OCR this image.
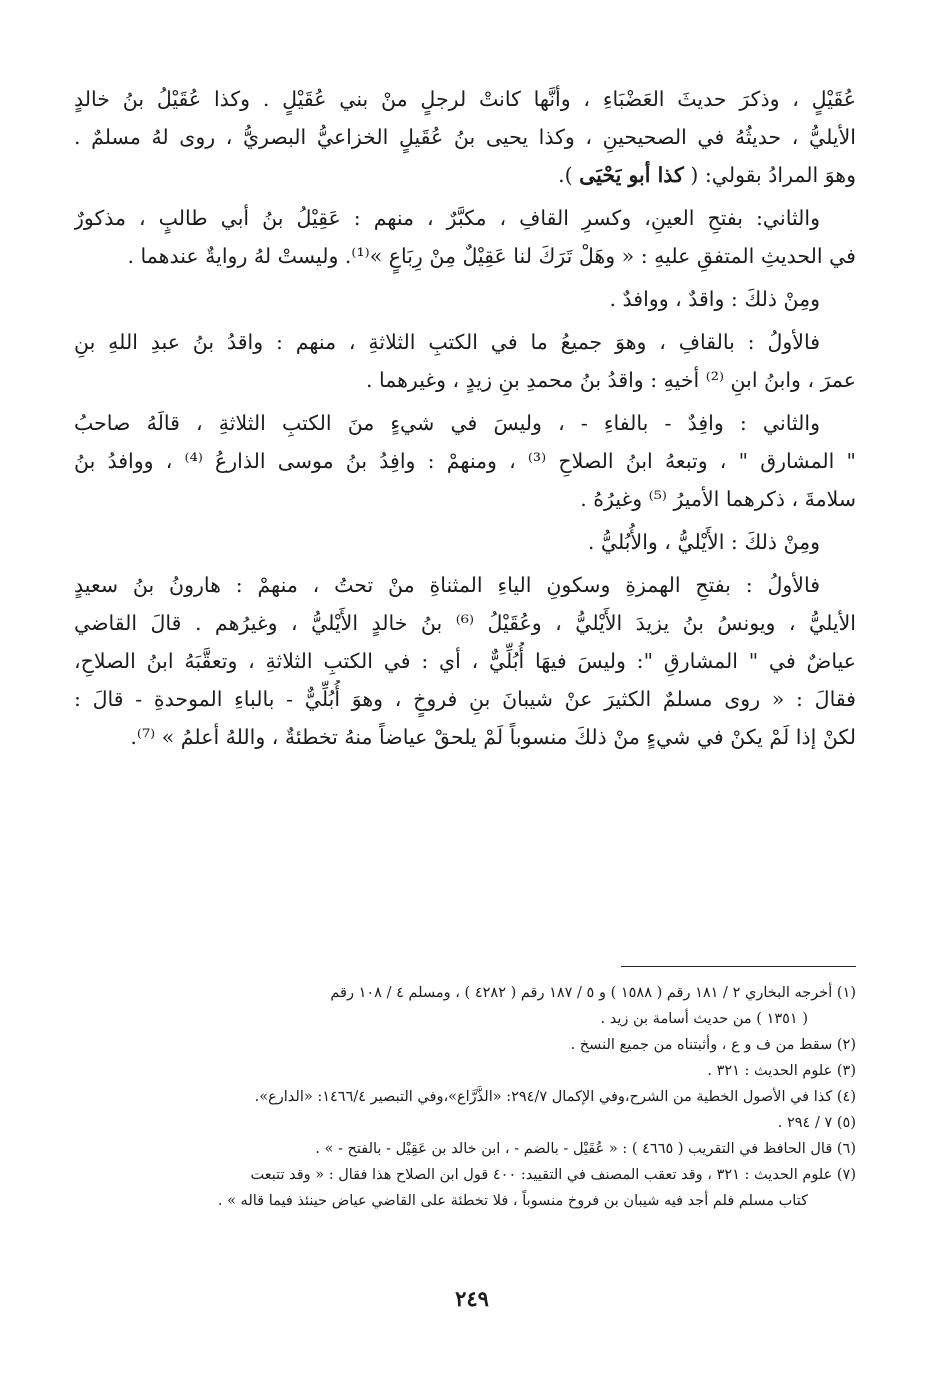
عُقَيْلٍ ، وذكرَ حديثَ العَضْبَاءِ ، وأنَّها كانتْ لرجلٍ منْ بني عُقَيْلٍ . وكذا عُقَيْلُ بنُ خالدٍ
الأيليُّ ، حديثُهُ في الصحيحينِ ، وكذا يحيى بنُ عُقَيلٍ الخزاعيُّ البصريُّ ، روى لهُ مسلمٌ .
وهوَ المرادُ بقولي: ( كذا أبو يَحْيَى ).
والثاني: بفتحِ العينِ، وكسرِ القافِ ، مكبَّرٌ ، منهم : عَقِيْلُ بنُ أبي طالبٍ ، مذكورٌ
في الحديثِ المتفقِ عليهِ : « وهَلْ تَرَكَ لنا عَقِيْلٌ مِنْ رِبَاعٍ »⁽¹⁾. وليستْ لهُ روايةٌ عندهما .
ومِنْ ذلكَ : واقدٌ ، ووافدٌ .
فالأولُ : بالقافِ ، وهوَ جميعُ ما في الكتبِ الثلاثةِ ، منهم : واقدُ بنُ عبدِ اللهِ بنِ
عمرَ ، وابنُ ابنِ ⁽²⁾ أخيهِ : واقدُ بنُ محمدِ بنِ زيدٍ ، وغيرهما .
والثاني : وافِدٌ - بالفاءِ - ، وليسَ في شيءٍ منَ الكتبِ الثلاثةِ ، قالَهُ صاحبُ
" المشارق " ، وتبعهُ ابنُ الصلاحِ ⁽³⁾ ، ومنهمْ : وافِدُ بنُ موسى الذارعُ ⁽⁴⁾ ، ووافدُ بنُ
سلامةَ ، ذكرهما الأميرُ ⁽⁵⁾ وغيرُهُ .
ومِنْ ذلكَ : الأَيْليُّ ، والأُبُليُّ .
فالأولُ : بفتحِ الهمزةِ وسكونِ الياءِ المثناةِ منْ تحتُ ، منهمْ : هارونُ بنُ سعيدٍ
الأيليُّ ، ويونسُ بنُ يزيدَ الأَيْليُّ ، وعُقَيْلُ ⁽⁶⁾ بنُ خالدٍ الأَيْليُّ ، وغيرُهم . قالَ القاضي
عياضٌ في " المشارقِ ": وليسَ فيهَا أُبُلِّيٌّ ، أي : في الكتبِ الثلاثةِ ، وتعقَّبَهُ ابنُ الصلاحِ،
فقالَ : « روى مسلمٌ الكثيرَ عنْ شيبانَ بنِ فروخٍ ، وهوَ أُبُلِّيٌّ - بالباءِ الموحدةِ - قالَ :
لكنْ إذا لَمْ يكنْ في شيءٍ منْ ذلكَ منسوباً لَمْ يلحقْ عياضاً منهُ تخطئةٌ ، واللهُ أعلمُ » ⁽⁷⁾.
(١) أخرجه البخاري ٢ / ١٨١ رقم ( ١٥٨٨ ) و ٥ / ١٨٧ رقم ( ٤٢٨٢ ) ، ومسلم ٤ / ١٠٨ رقم
( ١٣٥١ ) من حديث أسامة بن زيد .
(٢) سقط من ف و ع ، وأثبتناه من جميع النسخ .
(٣) علوم الحديث : ٣٢١ .
(٤) كذا في الأصول الخطية من الشرح،وفي الإكمال ٢٩٤/٧: «الذَّرَّاع»،وفي التبصير ١٤٦٦/٤: «الدارع».
(٥) ٧ / ٢٩٤ .
(٦) قال الحافظ في التقريب ( ٤٦٦٥ ) : « عُقَيْل - بالضم - ، ابن خالد بن عَقِيْل - بالفتح - » .
(٧) علوم الحديث : ٣٢١ ، وقد تعقب المصنف في التقييد: ٤٠٠ قول ابن الصلاح هذا فقال : « وقد تتبعت
كتاب مسلم فلم أجد فيه شيبان بن فروخ منسوباً ، فلا تخطئة على القاضي عياض حينئذ فيما قاله » .
٢٤٩
